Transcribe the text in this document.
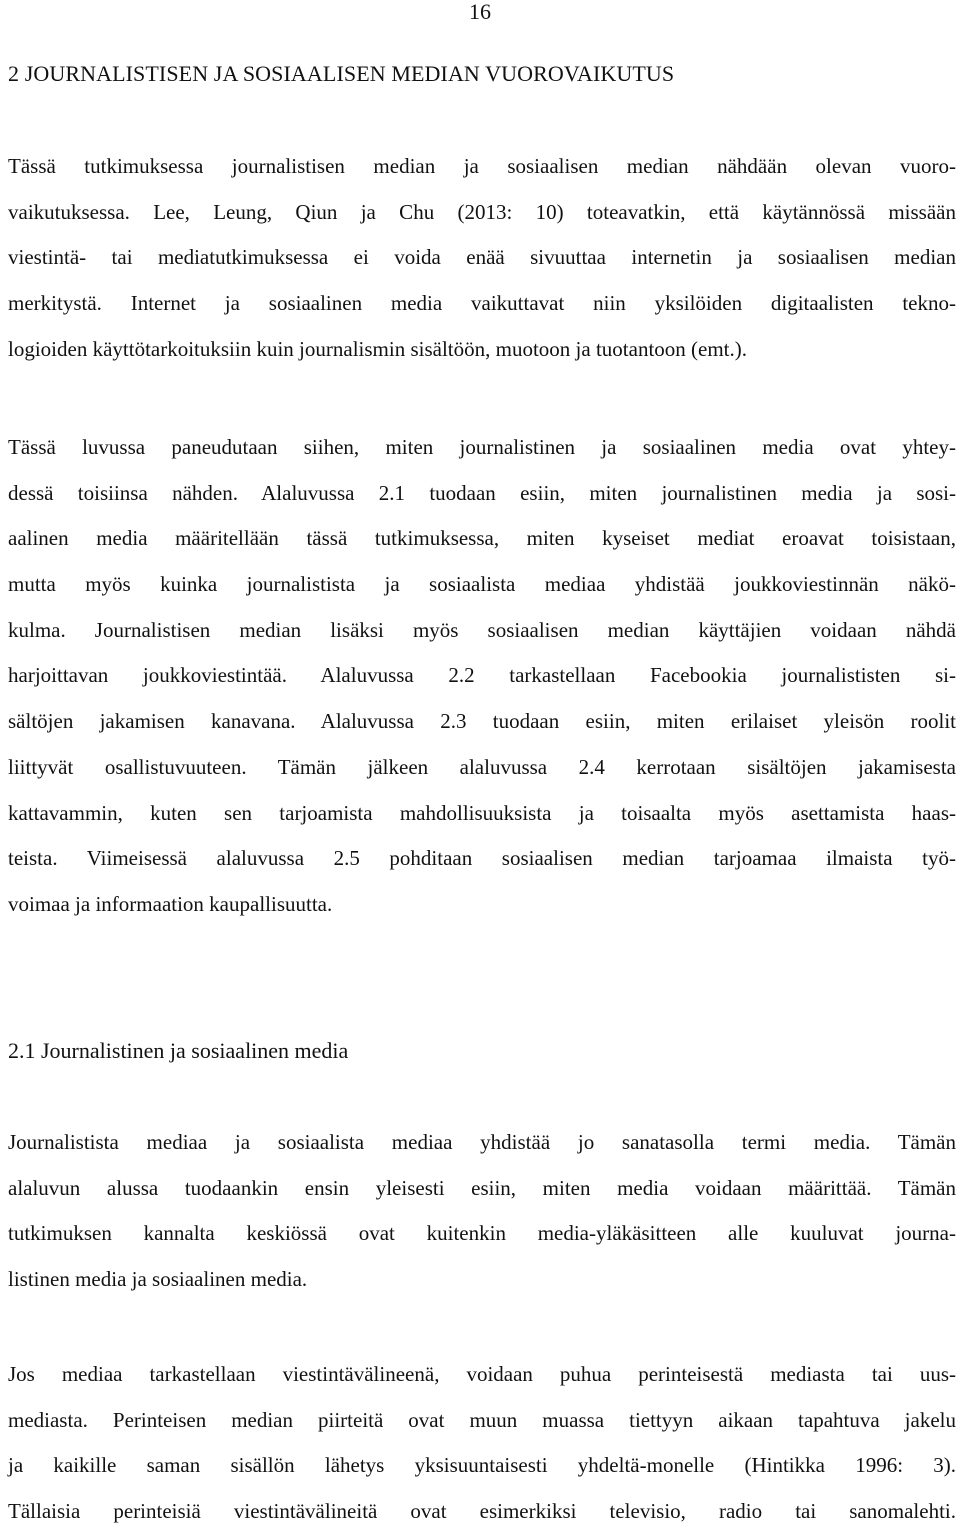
16
2 JOURNALISTISEN JA SOSIAALISEN MEDIAN VUOROVAIKUTUS
Tässä tutkimuksessa journalistisen median ja sosiaalisen median nähdään olevan vuoro-
vaikutuksessa. Lee, Leung, Qiun ja Chu (2013: 10) toteavatkin, että käytännössä missään
viestintä- tai mediatutkimuksessa ei voida enää sivuuttaa internetin ja sosiaalisen median
merkitystä. Internet ja sosiaalinen media vaikuttavat niin yksilöiden digitaalisten tekno-
logioiden käyttötarkoituksiin kuin journalismin sisältöön, muotoon ja tuotantoon (emt.).
Tässä luvussa paneudutaan siihen, miten journalistinen ja sosiaalinen media ovat yhtey-
dessä toisiinsa nähden. Alaluvussa 2.1 tuodaan esiin, miten journalistinen media ja sosi-
aalinen media määritellään tässä tutkimuksessa, miten kyseiset mediat eroavat toisistaan,
mutta myös kuinka journalistista ja sosiaalista mediaa yhdistää joukkoviestinnän näkö-
kulma. Journalistisen median lisäksi myös sosiaalisen median käyttäjien voidaan nähdä
harjoittavan joukkoviestintää. Alaluvussa 2.2 tarkastellaan Facebookia journalististen si-
sältöjen jakamisen kanavana. Alaluvussa 2.3 tuodaan esiin, miten erilaiset yleisön roolit
liittyvät osallistuvuuteen. Tämän jälkeen alaluvussa 2.4 kerrotaan sisältöjen jakamisesta
kattavammin, kuten sen tarjoamista mahdollisuuksista ja toisaalta myös asettamista haas-
teista. Viimeisessä alaluvussa 2.5 pohditaan sosiaalisen median tarjoamaa ilmaista työ-
voimaa ja informaation kaupallisuutta.
2.1 Journalistinen ja sosiaalinen media
Journalistista mediaa ja sosiaalista mediaa yhdistää jo sanatasolla termi media. Tämän
alaluvun alussa tuodaankin ensin yleisesti esiin, miten media voidaan määrittää. Tämän
tutkimuksen kannalta keskiössä ovat kuitenkin media-yläkäsitteen alle kuuluvat journa-
listinen media ja sosiaalinen media.
Jos mediaa tarkastellaan viestintävälineenä, voidaan puhua perinteisestä mediasta tai uus-
mediasta. Perinteisen median piirteitä ovat muun muassa tiettyyn aikaan tapahtuva jakelu
ja kaikille saman sisällön lähetys yksisuuntaisesti yhdeltä-monelle (Hintikka 1996: 3).
Tällaisia perinteisiä viestintävälineitä ovat esimerkiksi televisio, radio tai sanomalehti.
